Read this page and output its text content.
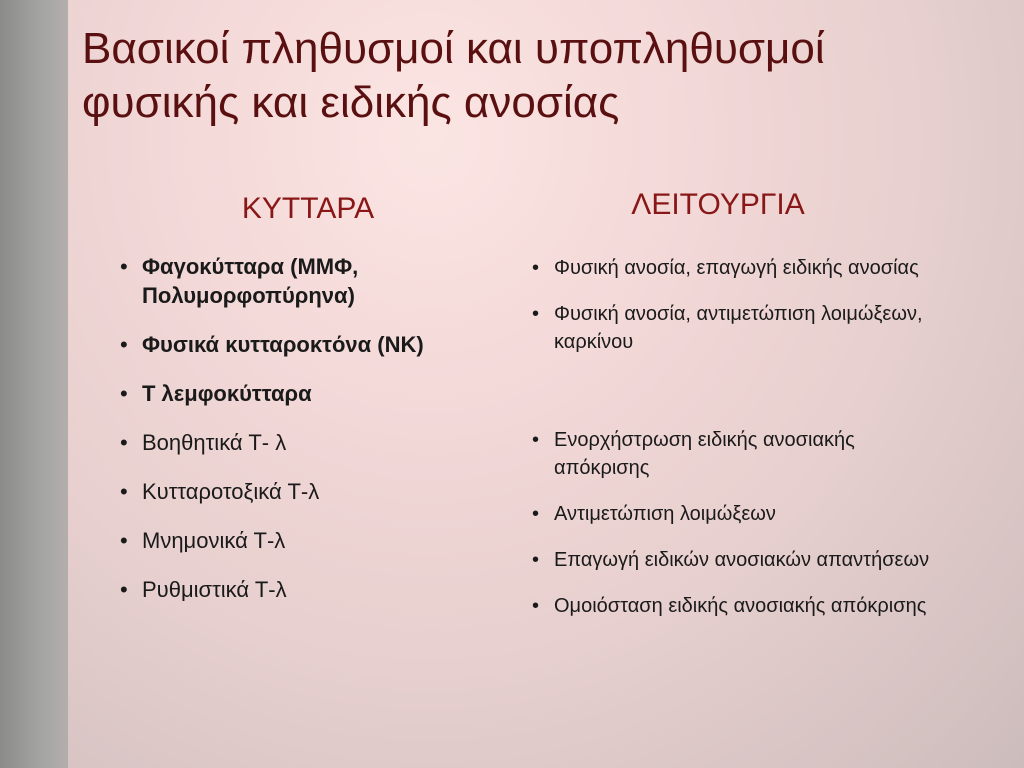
Βασικοί πληθυσμοί και υποπληθυσμοί
φυσικής και ειδικής ανοσίας
ΚΥΤΤΑΡΑ	ΛΕΙΤΟΥΡΓΙΑ
• Φαγοκύτταρα (ΜΜΦ, Πολυμορφοπύρηνα)
• Φυσικά κυτταροκτόνα (ΝΚ)
• Τ λεμφοκύτταρα
• Βοηθητικά Τ- λ
• Κυτταροτοξικά Τ-λ
• Μνημονικά Τ-λ
• Ρυθμιστικά Τ-λ
• Φυσική ανοσία, επαγωγή ειδικής ανοσίας
• Φυσική ανοσία, αντιμετώπιση λοιμώξεων, καρκίνου
• Ενορχήστρωση ειδικής ανοσιακής απόκρισης
• Αντιμετώπιση λοιμώξεων
• Επαγωγή ειδικών ανοσιακών απαντήσεων
• Ομοιόσταση ειδικής ανοσιακής απόκρισης
